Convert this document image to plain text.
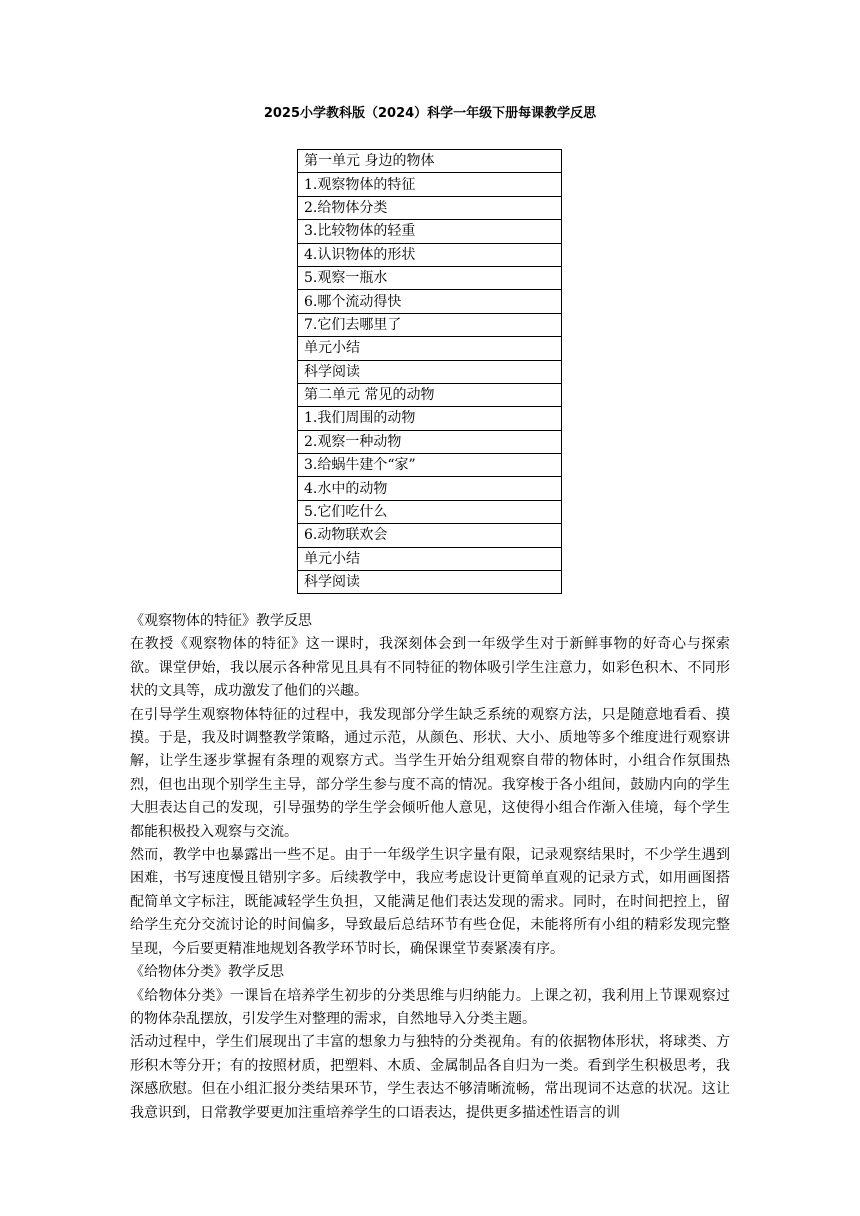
2025小学教科版（2024）科学一年级下册每课教学反思
第一单元 身边的物体
1.观察物体的特征
2.给物体分类
3.比较物体的轻重
4.认识物体的形状
5.观察一瓶水
6.哪个流动得快
7.它们去哪里了
单元小结
科学阅读
第二单元 常见的动物
1.我们周围的动物
2.观察一种动物
3.给蜗牛建个“家”
4.水中的动物
5.它们吃什么
6.动物联欢会
单元小结
科学阅读

《观察物体的特征》教学反思

在教授《观察物体的特征》这一课时，我深刻体会到一年级学生对于新鲜事物的好奇心与探索欲。课堂伊始，我以展示各种常见且具有不同特征的物体吸引学生注意力，如彩色积木、不同形状的文具等，成功激发了他们的兴趣。

在引导学生观察物体特征的过程中，我发现部分学生缺乏系统的观察方法，只是随意地看看、摸摸。于是，我及时调整教学策略，通过示范，从颜色、形状、大小、质地等多个维度进行观察讲解，让学生逐步掌握有条理的观察方式。当学生开始分组观察自带的物体时，小组合作氛围热烈，但也出现个别学生主导，部分学生参与度不高的情况。我穿梭于各小组间，鼓励内向的学生大胆表达自己的发现，引导强势的学生学会倾听他人意见，这使得小组合作渐入佳境，每个学生都能积极投入观察与交流。

然而，教学中也暴露出一些不足。由于一年级学生识字量有限，记录观察结果时，不少学生遇到困难，书写速度慢且错别字多。后续教学中，我应考虑设计更简单直观的记录方式，如用画图搭配简单文字标注，既能减轻学生负担，又能满足他们表达发现的需求。同时，在时间把控上，留给学生充分交流讨论的时间偏多，导致最后总结环节有些仓促，未能将所有小组的精彩发现完整呈现，今后要更精准地规划各教学环节时长，确保课堂节奏紧凑有序。

《给物体分类》教学反思

《给物体分类》一课旨在培养学生初步的分类思维与归纳能力。上课之初，我利用上节课观察过的物体杂乱摆放，引发学生对整理的需求，自然地导入分类主题。

活动过程中，学生们展现出了丰富的想象力与独特的分类视角。有的依据物体形状，将球类、方形积木等分开；有的按照材质，把塑料、木质、金属制品各自归为一类。看到学生积极思考，我深感欣慰。但在小组汇报分类结果环节，学生表达不够清晰流畅，常出现词不达意的状况。这让我意识到，日常教学要更加注重培养学生的口语表达，提供更多描述性语言的训
